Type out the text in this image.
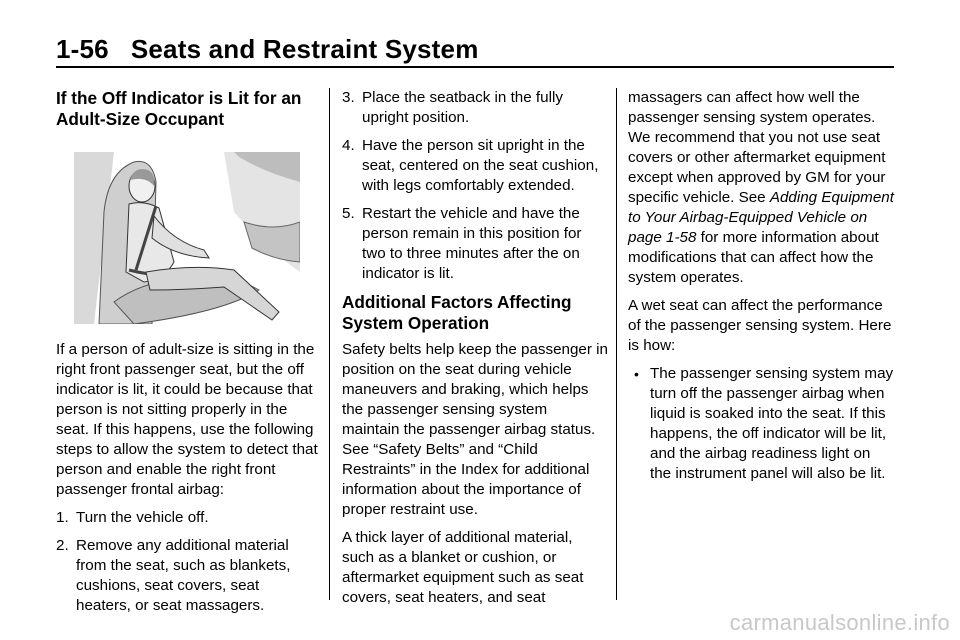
1-56 Seats and Restraint System
If the Off Indicator is Lit for an Adult-Size Occupant

If a person of adult-size is sitting in the right front passenger seat, but the off indicator is lit, it could be because that person is not sitting properly in the seat. If this happens, use the following steps to allow the system to detect that person and enable the right front passenger frontal airbag:

1. Turn the vehicle off.
2. Remove any additional material from the seat, such as blankets, cushions, seat covers, seat heaters, or seat massagers.
3. Place the seatback in the fully upright position.
4. Have the person sit upright in the seat, centered on the seat cushion, with legs comfortably extended.
5. Restart the vehicle and have the person remain in this position for two to three minutes after the on indicator is lit.
Additional Factors Affecting System Operation

Safety belts help keep the passenger in position on the seat during vehicle maneuvers and braking, which helps the passenger sensing system maintain the passenger airbag status. See “Safety Belts” and “Child Restraints” in the Index for additional information about the importance of proper restraint use.

A thick layer of additional material, such as a blanket or cushion, or aftermarket equipment such as seat covers, seat heaters, and seat

massagers can affect how well the passenger sensing system operates. We recommend that you not use seat covers or other aftermarket equipment except when approved by GM for your specific vehicle. See Adding Equipment to Your Airbag-Equipped Vehicle on page 1-58 for more information about modifications that can affect how the system operates.

A wet seat can affect the performance of the passenger sensing system. Here is how:

• The passenger sensing system may turn off the passenger airbag when liquid is soaked into the seat. If this happens, the off indicator will be lit, and the airbag readiness light on the instrument panel will also be lit.
carmanualsonline.info
